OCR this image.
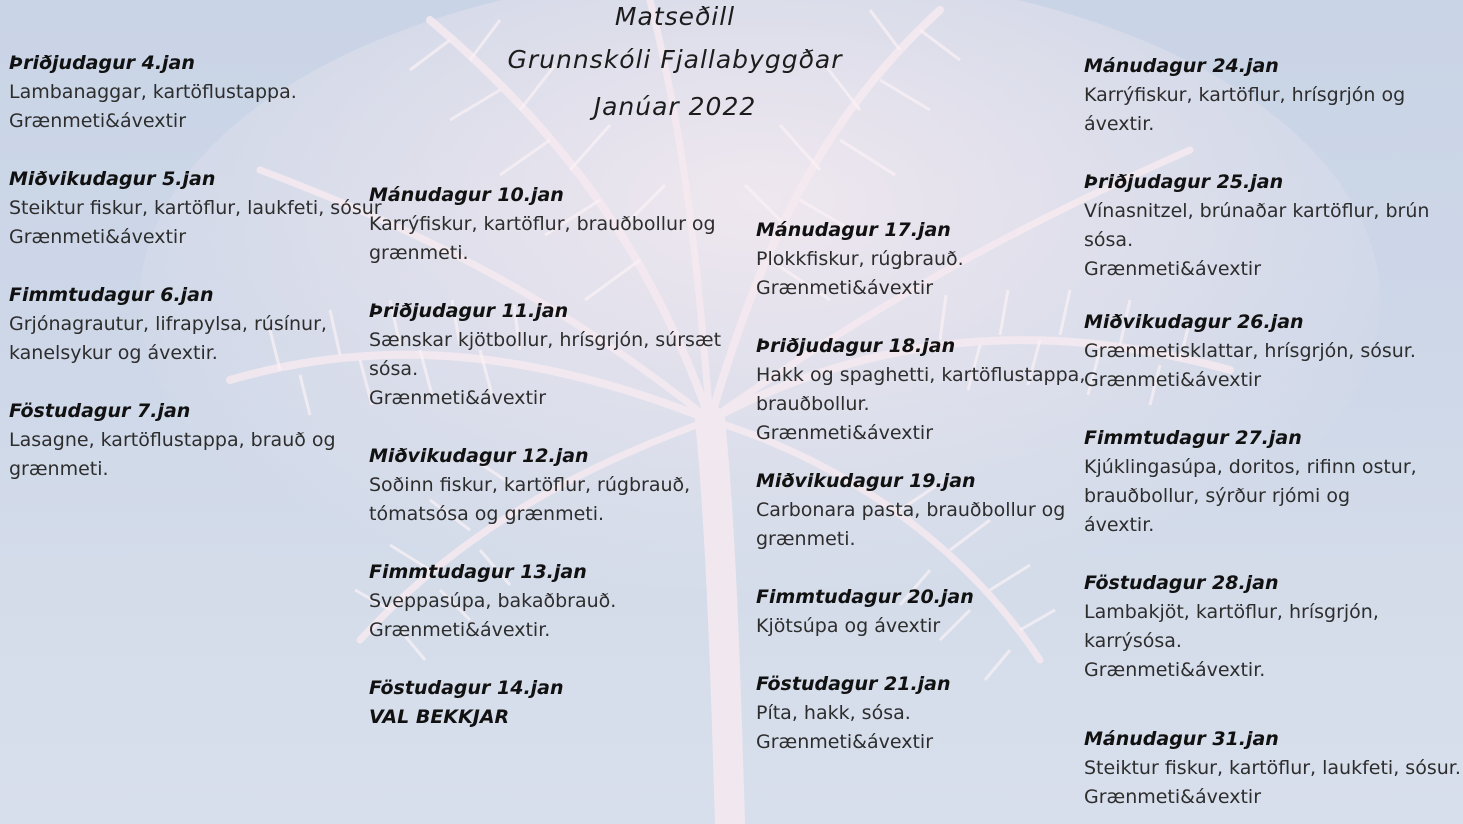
Matseðill
Grunnskóli Fjallabyggðar
Janúar 2022
Þriðjudagur 4.jan
Lambanaggar, kartöflustappa.
Grænmeti&ávextir
Miðvikudagur 5.jan
Steiktur fiskur, kartöflur, laukfeti, sósur
Grænmeti&ávextir
Fimmtudagur 6.jan
Grjónagrautur, lifrapylsa, rúsínur,
kanelsykur og ávextir.
Föstudagur 7.jan
Lasagne, kartöflustappa, brauð og
grænmeti.
Mánudagur 10.jan
Karrýfiskur, kartöflur, brauðbollur og
grænmeti.
Þriðjudagur 11.jan
Sænskar kjötbollur, hrísgrjón, súrsæt
sósa.
Grænmeti&ávextir
Miðvikudagur 12.jan
Soðinn fiskur, kartöflur, rúgbrauð,
tómatsósa og grænmeti.
Fimmtudagur 13.jan
Sveppasúpa, bakaðbrauð.
Grænmeti&ávextir.
Föstudagur 14.jan
VAL BEKKJAR
Mánudagur 17.jan
Plokkfiskur, rúgbrauð.
Grænmeti&ávextir
Þriðjudagur 18.jan
Hakk og spaghetti, kartöflustappa,
brauðbollur.
Grænmeti&ávextir
Miðvikudagur 19.jan
Carbonara pasta, brauðbollur og
grænmeti.
Fimmtudagur 20.jan
Kjötsúpa og ávextir
Föstudagur 21.jan
Píta, hakk, sósa.
Grænmeti&ávextir
Mánudagur 24.jan
Karrýfiskur, kartöflur, hrísgrjón og
ávextir.
Þriðjudagur 25.jan
Vínasnitzel, brúnaðar kartöflur, brún
sósa.
Grænmeti&ávextir
Miðvikudagur 26.jan
Grænmetisklattar, hrísgrjón, sósur.
Grænmeti&ávextir
Fimmtudagur 27.jan
Kjúklingasúpa, doritos, rifinn ostur,
brauðbollur, sýrður rjómi og
ávextir.
Föstudagur 28.jan
Lambakjöt, kartöflur, hrísgrjón,
karrýsósa.
Grænmeti&ávextir.
Mánudagur 31.jan
Steiktur fiskur, kartöflur, laukfeti, sósur.
Grænmeti&ávextir
